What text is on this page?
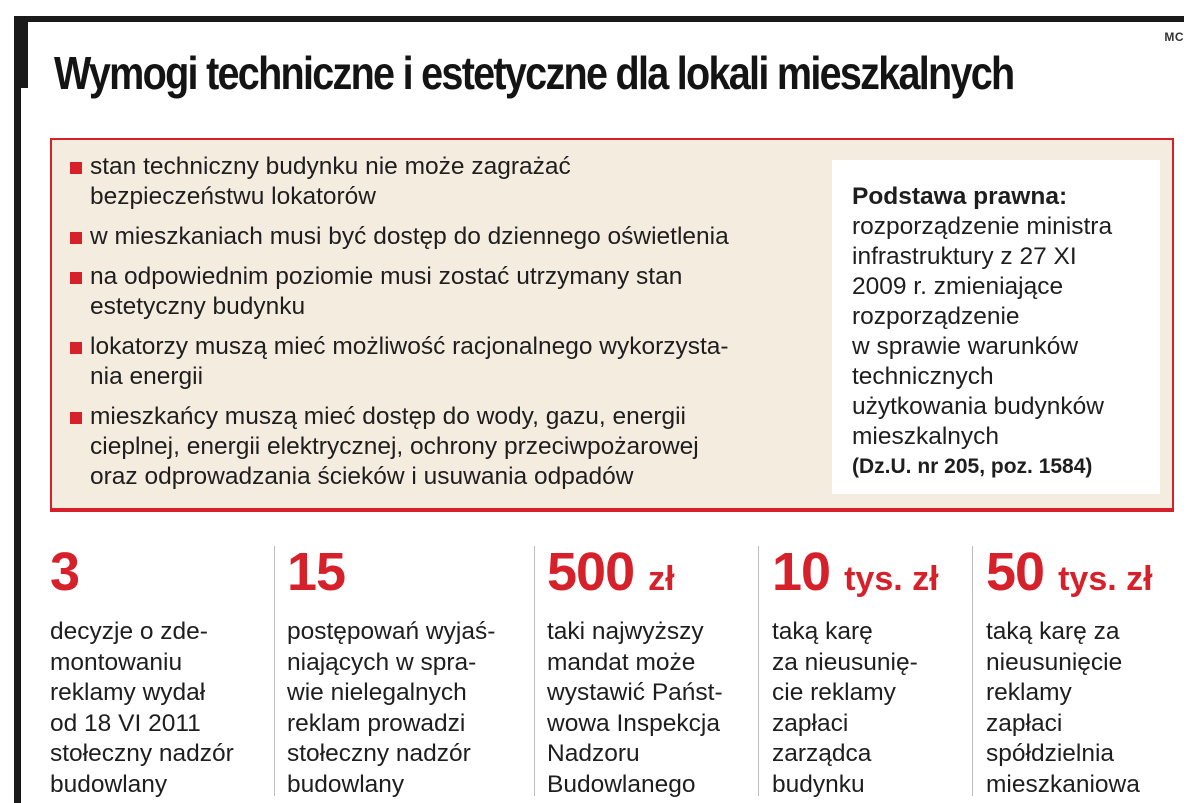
MC
Wymogi techniczne i estetyczne dla lokali mieszkalnych
stan techniczny budynku nie może zagrażać
bezpieczeństwu lokatorów
w mieszkaniach musi być dostęp do dziennego oświetlenia
na odpowiednim poziomie musi zostać utrzymany stan
estetyczny budynku
lokatorzy muszą mieć możliwość racjonalnego wykorzysta-
nia energii
mieszkańcy muszą mieć dostęp do wody, gazu, energii
cieplnej, energii elektrycznej, ochrony przeciwpożarowej
oraz odprowadzania ścieków i usuwania odpadów
Podstawa prawna:
rozporządzenie ministra
infrastruktury z 27 XI
2009 r. zmieniające
rozporządzenie
w sprawie warunków
technicznych
użytkowania budynków
mieszkalnych
(Dz.U. nr 205, poz. 1584)
3
decyzje o zde-
montowaniu
reklamy wydał
od 18 VI 2011
stołeczny nadzór
budowlany
15
postępowań wyjaś-
niających w spra-
wie nielegalnych
reklam prowadzi
stołeczny nadzór
budowlany
500 zł
taki najwyższy
mandat może
wystawić Państ-
wowa Inspekcja
Nadzoru
Budowlanego
10 tys. zł
taką karę
za nieusunię-
cie reklamy
zapłaci
zarządca
budynku
50 tys. zł
taką karę za
nieusunięcie
reklamy
zapłaci
spółdzielnia
mieszkaniowa
